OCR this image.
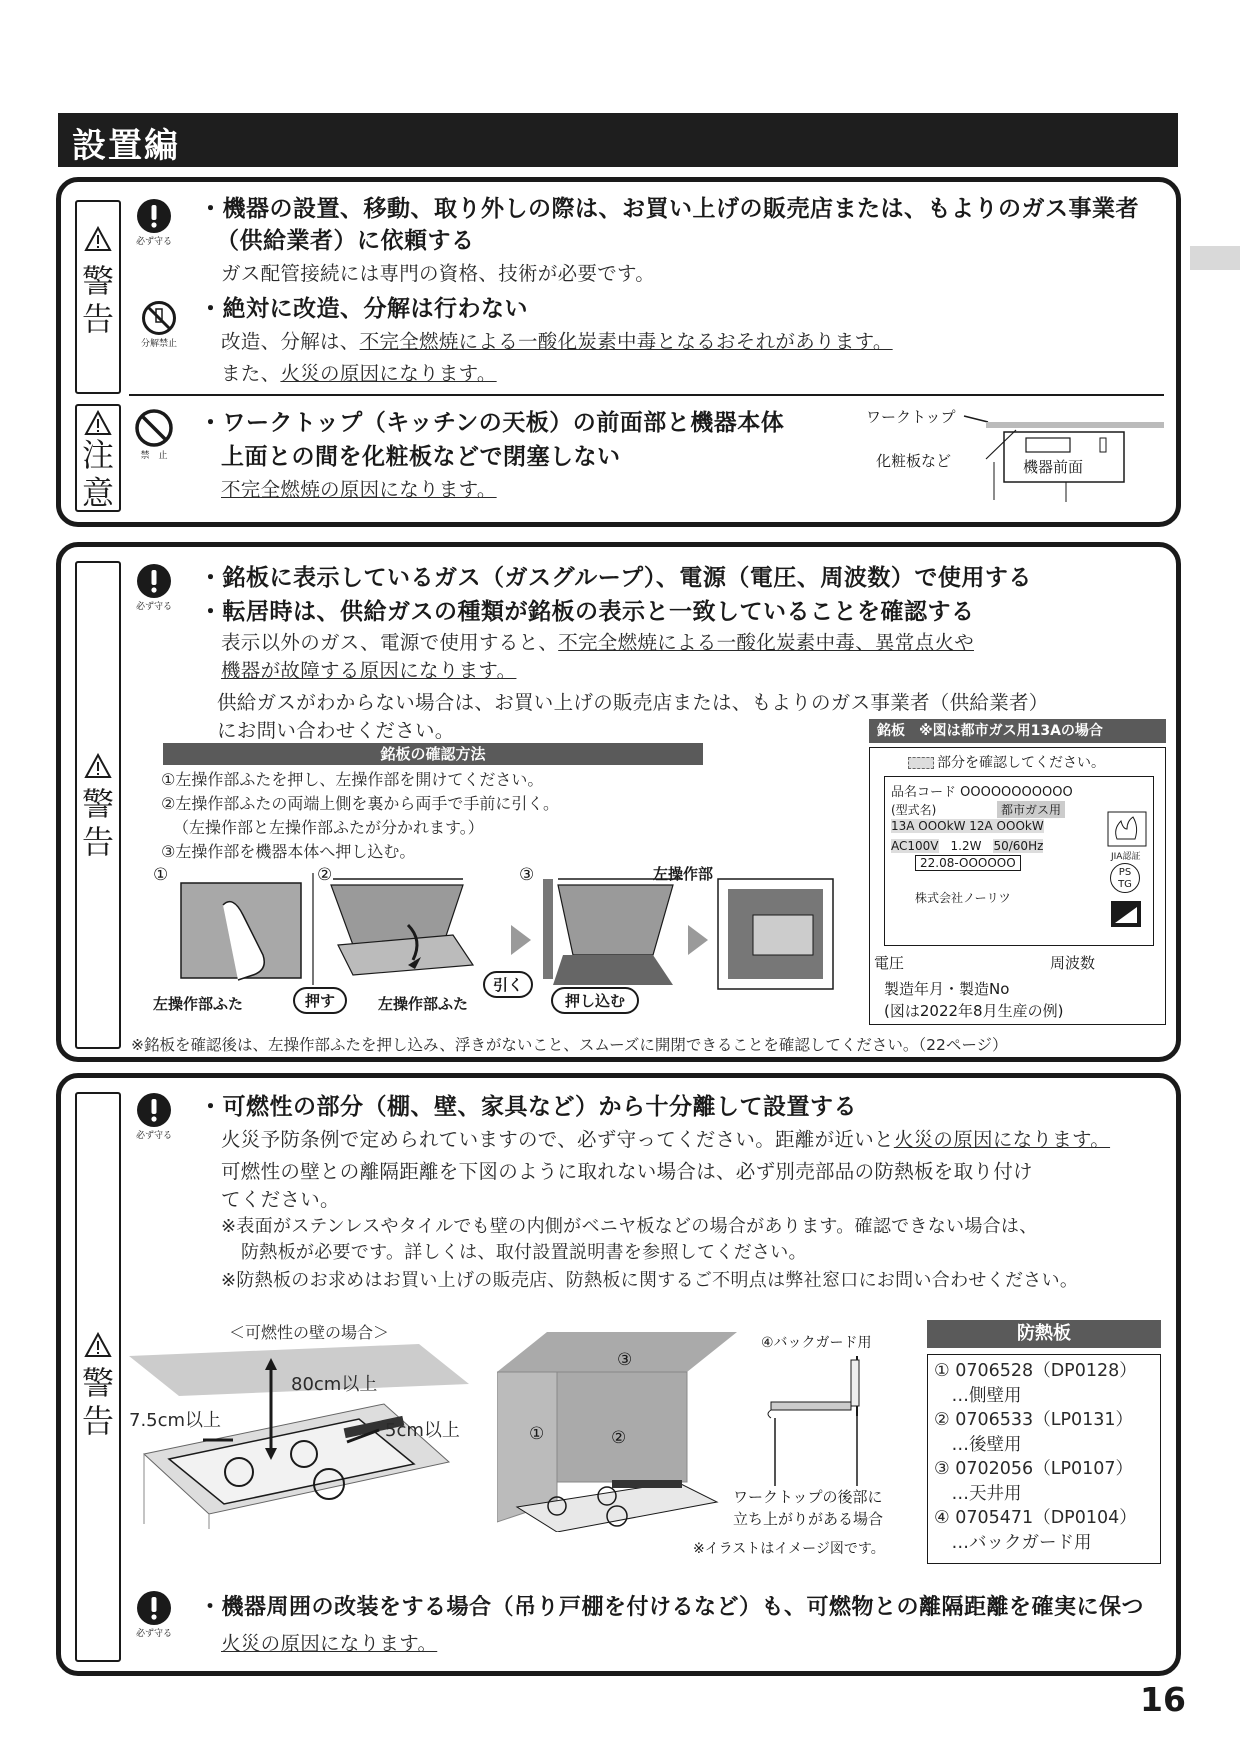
設置編
警告
注意
必ず守る
分解禁止
禁　止
・機器の設置、移動、取り外しの際は、お買い上げの販売店または、もよりのガス事業者
（供給業者）に依頼する
ガス配管接続には専門の資格、技術が必要です。
・絶対に改造、分解は行わない
改造、分解は、不完全燃焼による一酸化炭素中毒となるおそれがあります。
また、火災の原因になります。
・ワークトップ（キッチンの天板）の前面部と機器本体
上面との間を化粧板などで閉塞しない
不完全燃焼の原因になります。
ワークトップ
化粧板など	機器前面
警告
必ず守る
・銘板に表示しているガス（ガスグループ）、電源（電圧、周波数）で使用する
・転居時は、供給ガスの種類が銘板の表示と一致していることを確認する
表示以外のガス、電源で使用すると、不完全燃焼による一酸化炭素中毒、異常点火や
機器が故障する原因になります。
供給ガスがわからない場合は、お買い上げの販売店または、もよりのガス事業者（供給業者）
にお問い合わせください。
銘板の確認方法
①左操作部ふたを押し、左操作部を開けてください。
②左操作部ふたの両端上側を裏から両手で手前に引く。
（左操作部と左操作部ふたが分かれます。）
③左操作部を機器本体へ押し込む。
①	②	③	左操作部
左操作部ふた	押す	左操作部ふた
引く
押し込む
銘板　※図は都市ガス用13Aの場合
部分を確認してください。
品名コード OOOOOOOOOOO
(型式名)	都市ガス用
13A OOOkW 12A OOOkW
AC100V　 1.2W　 50/60Hz
22.08-OOOOOO
株式会社ノーリツ
JIA認証
PS
TG
電圧	周波数
製造年月・製造No
(図は2022年8月生産の例)
※銘板を確認後は、左操作部ふたを押し込み、浮きがないこと、スムーズに開閉できることを確認してください。（22ページ）
警告
必ず守る
・可燃性の部分（棚、壁、家具など）から十分離して設置する
火災予防条例で定められていますので、必ず守ってください。距離が近いと火災の原因になります。
可燃性の壁との離隔距離を下図のように取れない場合は、必ず別売部品の防熱板を取り付け
てください。
※表面がステンレスやタイルでも壁の内側がベニヤ板などの場合があります。確認できない場合は、
防熱板が必要です。詳しくは、取付設置説明書を参照してください。
※防熱板のお求めはお買い上げの販売店、防熱板に関するご不明点は弊社窓口にお問い合わせください。
＜可燃性の壁の場合＞
80cm以上
7.5cm以上	5cm以上
③
①	②
④バックガード用
ワークトップの後部に
立ち上がりがある場合
※イラストはイメージ図です。
防熱板
① 0706528（DP0128）
　…側壁用
② 0706533（LP0131）
　…後壁用
③ 0702056（LP0107）
　…天井用
④ 0705471（DP0104）
　…バックガード用
必ず守る
・機器周囲の改装をする場合（吊り戸棚を付けるなど）も、可燃物との離隔距離を確実に保つ
火災の原因になります。
16
